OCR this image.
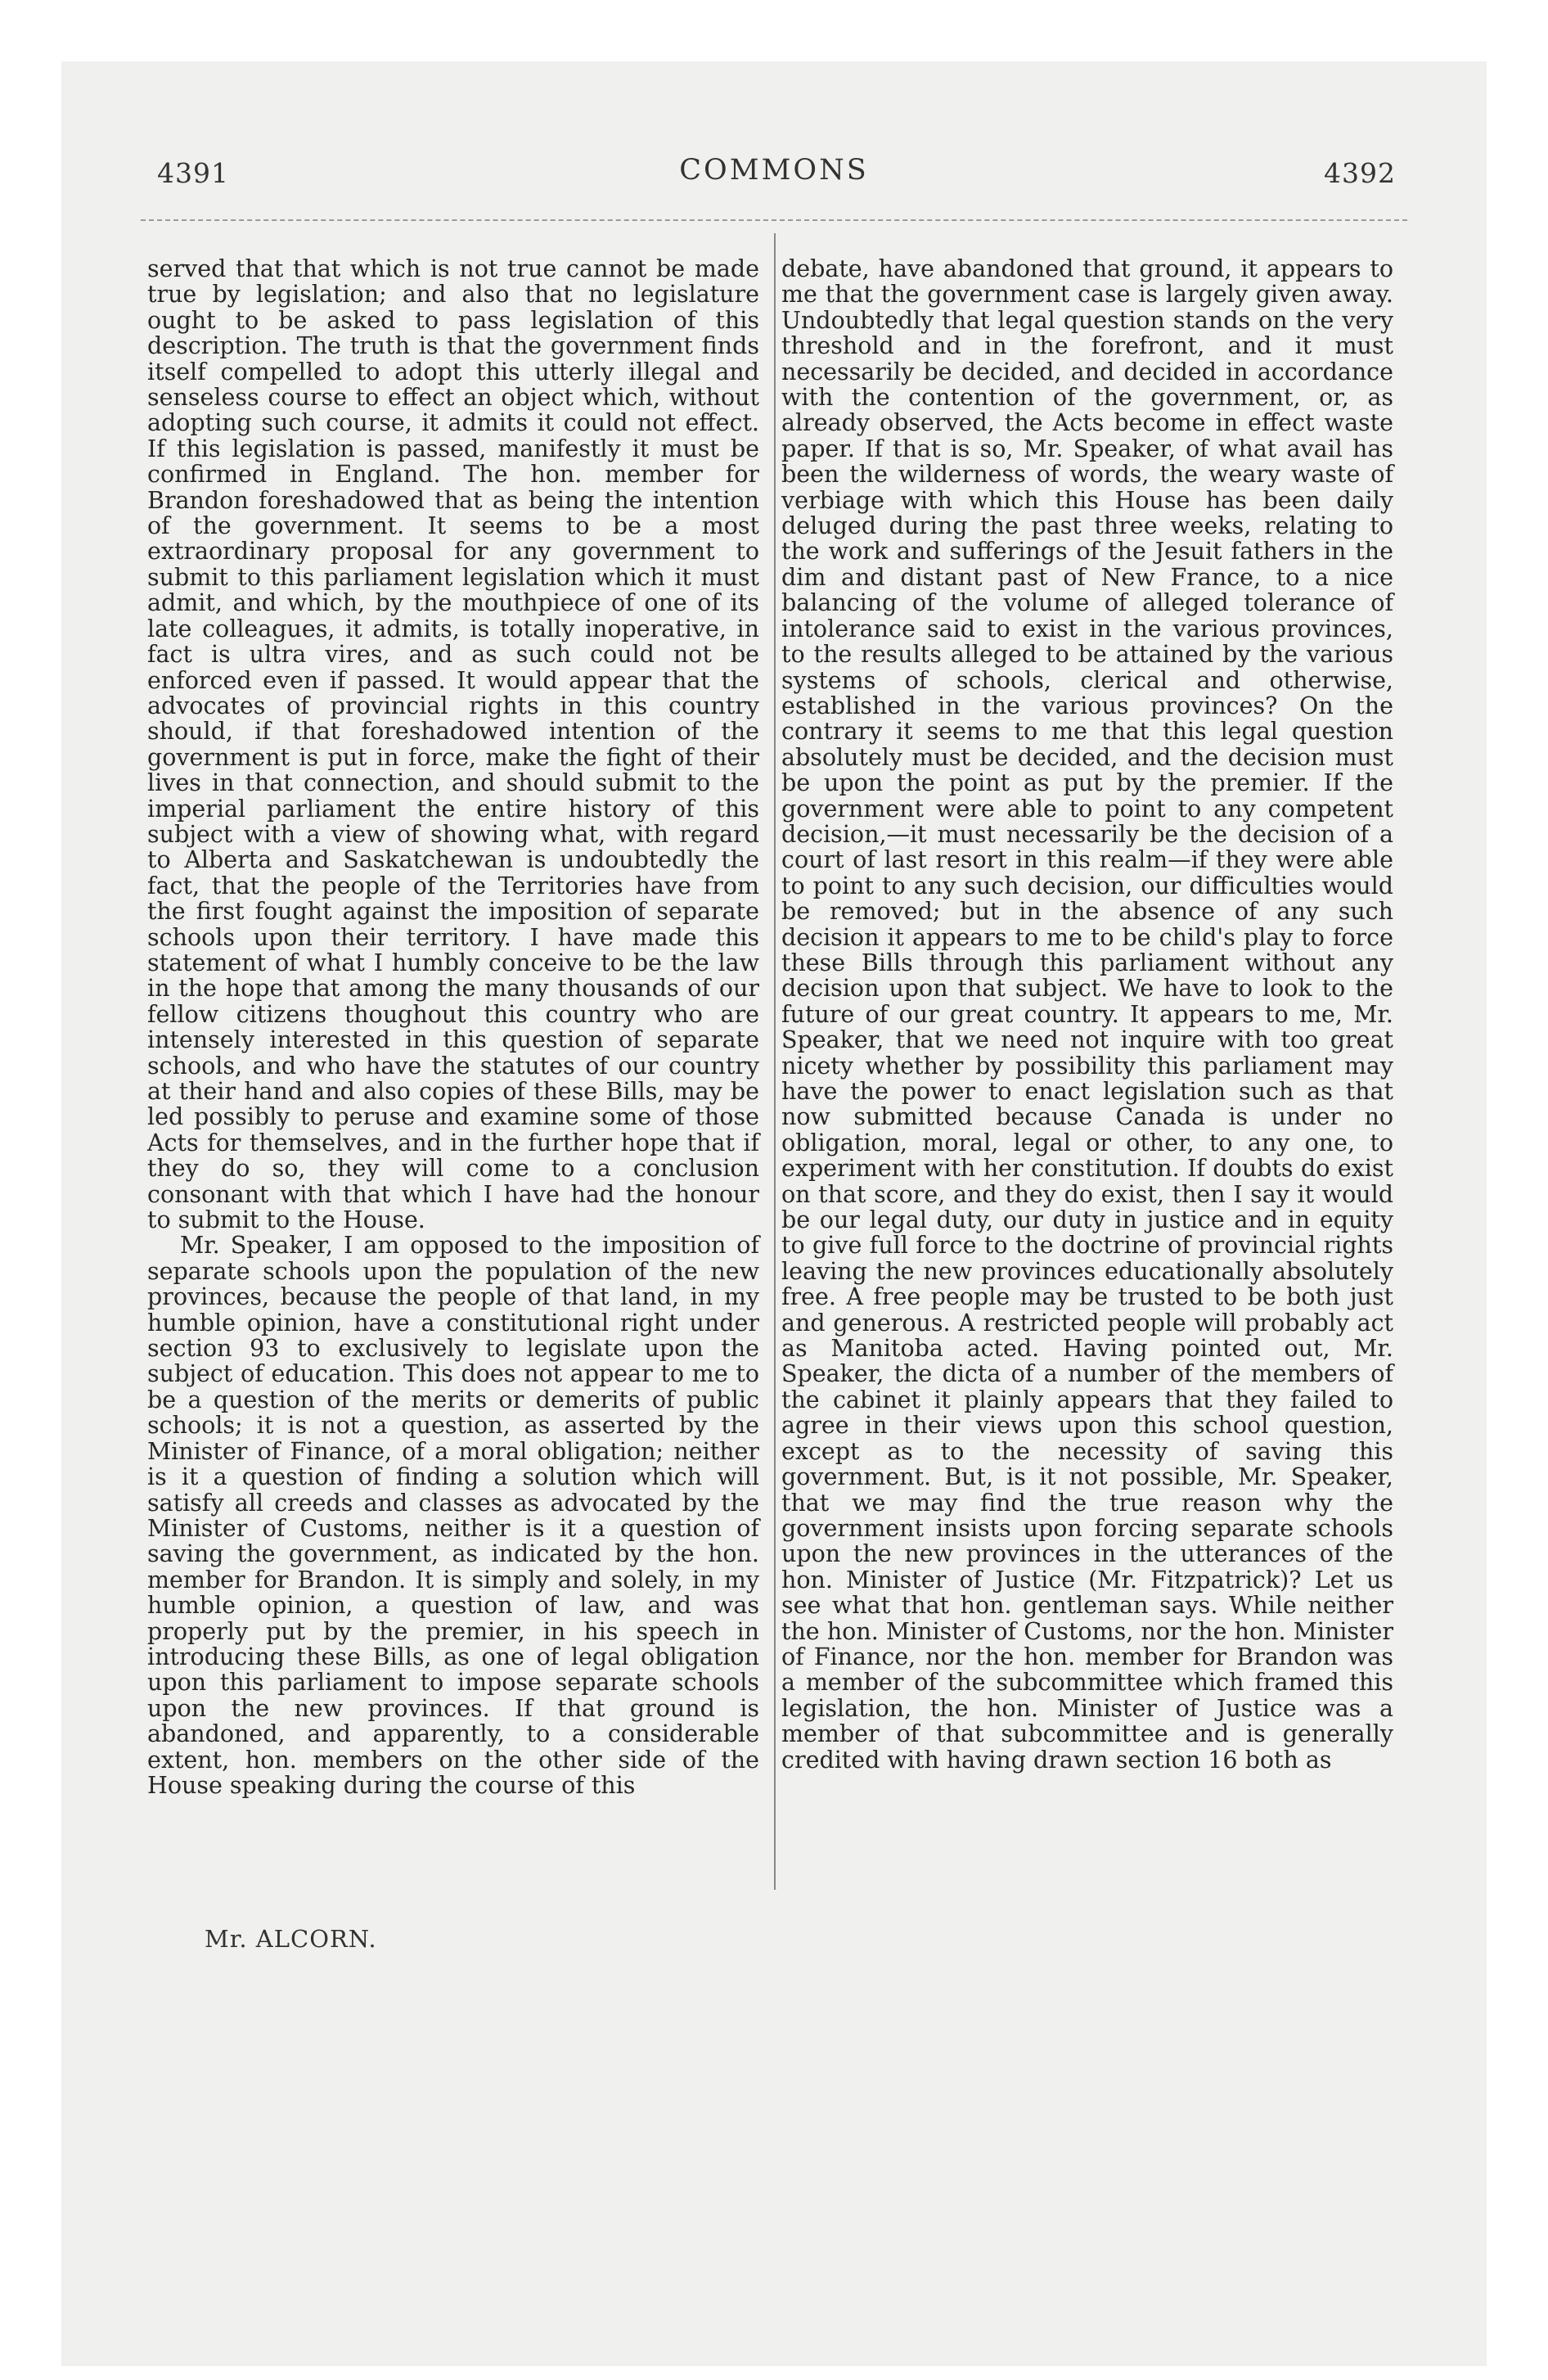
4391	COMMONS	4392

served that that which is not true cannot be made true by legislation; and also that no legislature ought to be asked to pass legislation of this description. The truth is that the government finds itself compelled to adopt this utterly illegal and senseless course to effect an object which, without adopting such course, it admits it could not effect. If this legislation is passed, manifestly it must be confirmed in England. The hon. member for Brandon foreshadowed that as being the intention of the government. It seems to be a most extraordinary proposal for any government to submit to this parliament legislation which it must admit, and which, by the mouthpiece of one of its late colleagues, it admits, is totally inoperative, in fact is ultra vires, and as such could not be enforced even if passed. It would appear that the advocates of provincial rights in this country should, if that foreshadowed intention of the government is put in force, make the fight of their lives in that connection, and should submit to the imperial parliament the entire history of this subject with a view of showing what, with regard to Alberta and Saskatchewan is undoubtedly the fact, that the people of the Territories have from the first fought against the imposition of separate schools upon their territory. I have made this statement of what I humbly conceive to be the law in the hope that among the many thousands of our fellow citizens thoughout this country who are intensely interested in this question of separate schools, and who have the statutes of our country at their hand and also copies of these Bills, may be led possibly to peruse and examine some of those Acts for themselves, and in the further hope that if they do so, they will come to a conclusion consonant with that which I have had the honour to submit to the House.

Mr. Speaker, I am opposed to the imposition of separate schools upon the population of the new provinces, because the people of that land, in my humble opinion, have a constitutional right under section 93 to exclusively to legislate upon the subject of education. This does not appear to me to be a question of the merits or demerits of public schools; it is not a question, as asserted by the Minister of Finance, of a moral obligation; neither is it a question of finding a solution which will satisfy all creeds and classes as advocated by the Minister of Customs, neither is it a question of saving the government, as indicated by the hon. member for Brandon. It is simply and solely, in my humble opinion, a question of law, and was properly put by the premier, in his speech in introducing these Bills, as one of legal obligation upon this parliament to impose separate schools upon the new provinces. If that ground is abandoned, and apparently, to a considerable extent, hon. members on the other side of the House speaking during the course of this

debate, have abandoned that ground, it appears to me that the government case is largely given away. Undoubtedly that legal question stands on the very threshold and in the forefront, and it must necessarily be decided, and decided in accordance with the contention of the government, or, as already observed, the Acts become in effect waste paper. If that is so, Mr. Speaker, of what avail has been the wilderness of words, the weary waste of verbiage with which this House has been daily deluged during the past three weeks, relating to the work and sufferings of the Jesuit fathers in the dim and distant past of New France, to a nice balancing of the volume of alleged tolerance of intolerance said to exist in the various provinces, to the results alleged to be attained by the various systems of schools, clerical and otherwise, established in the various provinces? On the contrary it seems to me that this legal question absolutely must be decided, and the decision must be upon the point as put by the premier. If the government were able to point to any competent decision,—it must necessarily be the decision of a court of last resort in this realm—if they were able to point to any such decision, our difficulties would be removed; but in the absence of any such decision it appears to me to be child's play to force these Bills through this parliament without any decision upon that subject. We have to look to the future of our great country. It appears to me, Mr. Speaker, that we need not inquire with too great nicety whether by possibility this parliament may have the power to enact legislation such as that now submitted because Canada is under no obligation, moral, legal or other, to any one, to experiment with her constitution. If doubts do exist on that score, and they do exist, then I say it would be our legal duty, our duty in justice and in equity to give full force to the doctrine of provincial rights leaving the new provinces educationally absolutely free. A free people may be trusted to be both just and generous. A restricted people will probably act as Manitoba acted. Having pointed out, Mr. Speaker, the dicta of a number of the members of the cabinet it plainly appears that they failed to agree in their views upon this school question, except as to the necessity of saving this government. But, is it not possible, Mr. Speaker, that we may find the true reason why the government insists upon forcing separate schools upon the new provinces in the utterances of the hon. Minister of Justice (Mr. Fitzpatrick)? Let us see what that hon. gentleman says. While neither the hon. Minister of Customs, nor the hon. Minister of Finance, nor the hon. member for Brandon was a member of the subcommittee which framed this legislation, the hon. Minister of Justice was a member of that subcommittee and is generally credited with having drawn section 16 both as

Mr. ALCORN.
